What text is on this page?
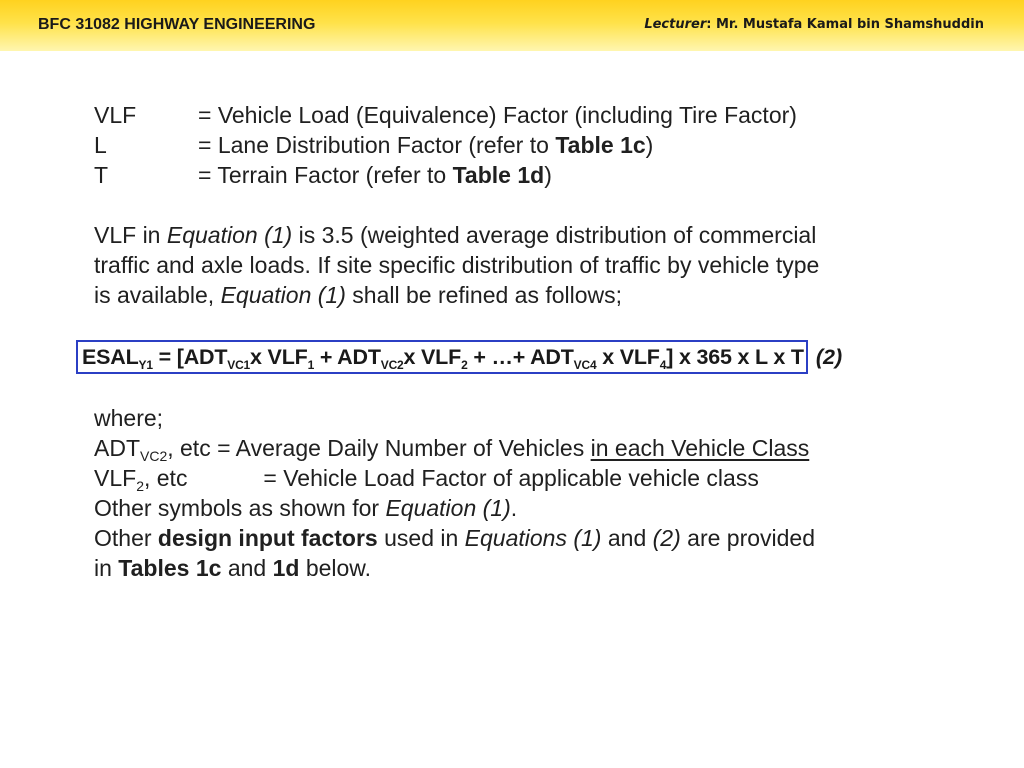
BFC 31082 HIGHWAY ENGINEERING	Lecturer: Mr. Mustafa Kamal bin Shamshuddin
VLF	= Vehicle Load (Equivalence) Factor (including Tire Factor)
L	= Lane Distribution Factor (refer to Table 1c)
T	= Terrain Factor (refer to Table 1d)
VLF in Equation (1) is 3.5 (weighted average distribution of commercial
traffic and axle loads. If site specific distribution of traffic by vehicle type
is available, Equation (1) shall be refined as follows;
$ESAL_{Y1} = [ADT_{VC1}x$ $VLF_1 + ADT_{VC2}x$ $VLF_2$ + …+ $ADT_{VC4}$ x $VLF_4$] x 365 x L x T (2)
where;
$ADT_{VC2}$, etc = Average Daily Number of Vehicles in each Vehicle Class
$VLF_2$, etc	= Vehicle Load Factor of applicable vehicle class
Other symbols as shown for Equation (1).
Other design input factors used in Equations (1) and (2) are provided
in Tables 1c and 1d below.
